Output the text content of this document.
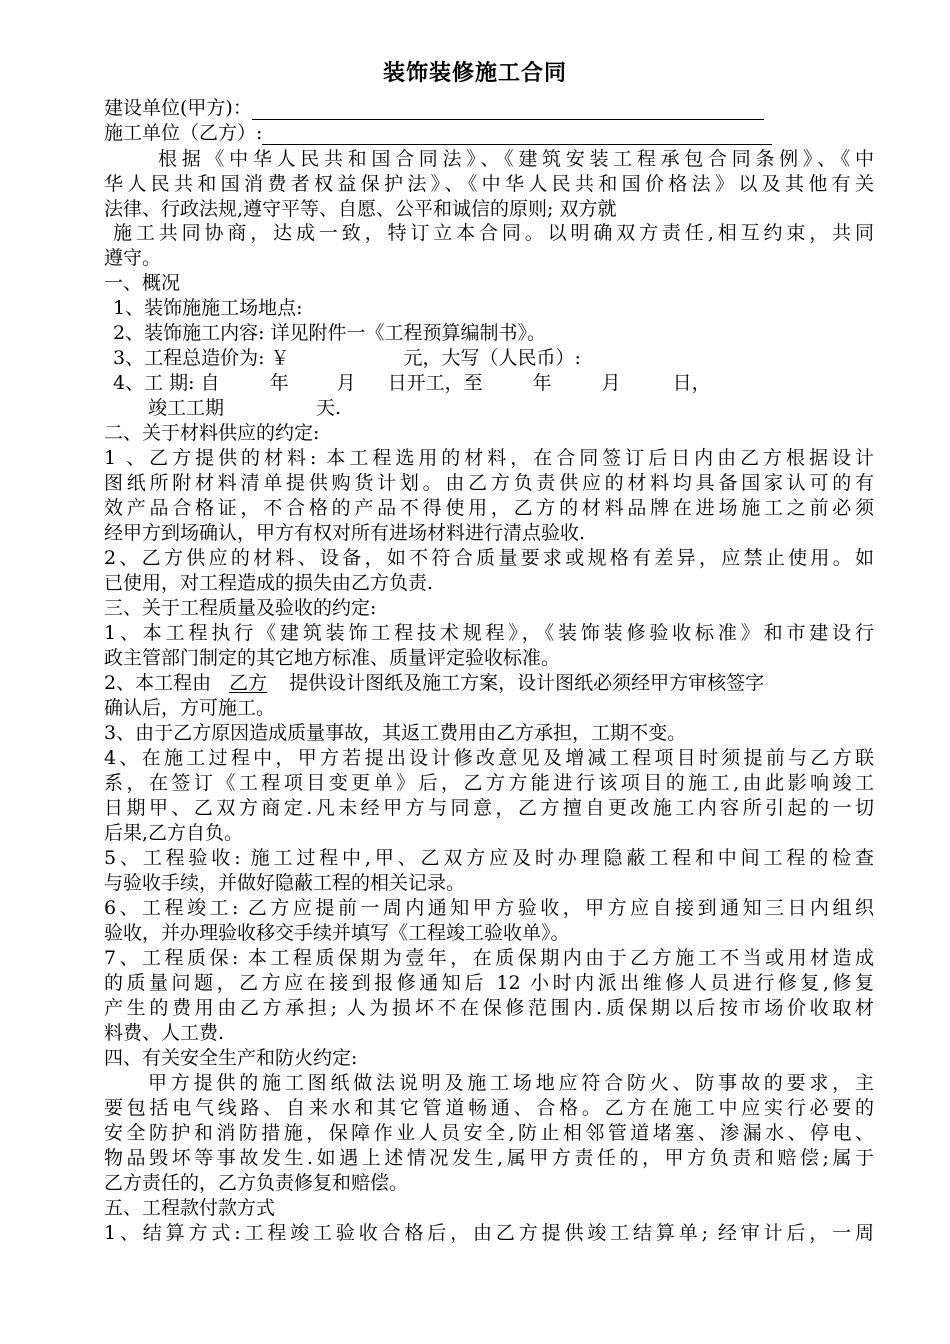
装饰装修施工合同
建设单位(甲方)：
施工单位（乙方）:
根据《中华人民共和国合同法》、《建筑安装工程承包合同条例》、《中
华人民共和国消费者权益保护法》、《中华人民共和国价格法》以及其他有关
法律、行政法规,遵守平等、自愿、公平和诚信的原则; 双方就
施工共同协商，达成一致，特订立本合同。以明确双方责任,相互约束，共同
遵守。
一、概况
1、装饰施施工场地点:
2、装饰施工内容: 详见附件一《工程预算编制书》。
3、工程总造价为: ￥	元，大写（人民币）:
4、工 期: 自	年	月 日开工，至	年	月	日，
竣工工期	天.
二、关于材料供应的约定:
1 、乙方提供的材料: 本工程选用的材料，在合同签订后日内由乙方根据设计
图纸所附材料清单提供购货计划。由乙方负责供应的材料均具备国家认可的有
效产品合格证，不合格的产品不得使用，乙方的材料品牌在进场施工之前必须
经甲方到场确认，甲方有权对所有进场材料进行清点验收.
2、乙方供应的材料、设备，如不符合质量要求或规格有差异，应禁止使用。如
已使用，对工程造成的损失由乙方负责.
三、关于工程质量及验收的约定:
1、本工程执行《建筑装饰工程技术规程》，《装饰装修验收标准》和市建设行
政主管部门制定的其它地方标准、质量评定验收标准。
2、本工程由 乙方 提供设计图纸及施工方案，设计图纸必须经甲方审核签字
确认后，方可施工。
3、由于乙方原因造成质量事故，其返工费用由乙方承担，工期不变。
4、在施工过程中，甲方若提出设计修改意见及增减工程项目时须提前与乙方联
系，在签订《工程项目变更单》后，乙方方能进行该项目的施工,由此影响竣工
日期甲、乙双方商定.凡未经甲方与同意，乙方擅自更改施工内容所引起的一切
后果,乙方自负。
5、工程验收: 施工过程中,甲、乙双方应及时办理隐蔽工程和中间工程的检查
与验收手续，并做好隐蔽工程的相关记录。
6、工程竣工: 乙方应提前一周内通知甲方验收，甲方应自接到通知三日内组织
验收，并办理验收移交手续并填写《工程竣工验收单》。
7、工程质保: 本工程质保期为壹年，在质保期内由于乙方施工不当或用材造成
的质量问题，乙方应在接到报修通知后 12 小时内派出维修人员进行修复,修复
产生的费用由乙方承担; 人为损坏不在保修范围内.质保期以后按市场价收取材
料费、人工费.
四、有关安全生产和防火约定:
甲方提供的施工图纸做法说明及施工场地应符合防火、防事故的要求，主
要包括电气线路、自来水和其它管道畅通、合格。乙方在施工中应实行必要的
安全防护和消防措施，保障作业人员安全,防止相邻管道堵塞、渗漏水、停电、
物品毁坏等事故发生.如遇上述情况发生,属甲方责任的，甲方负责和赔偿;属于
乙方责任的，乙方负责修复和赔偿。
五、工程款付款方式
1、结算方式:工程竣工验收合格后，由乙方提供竣工结算单; 经审计后，一周
